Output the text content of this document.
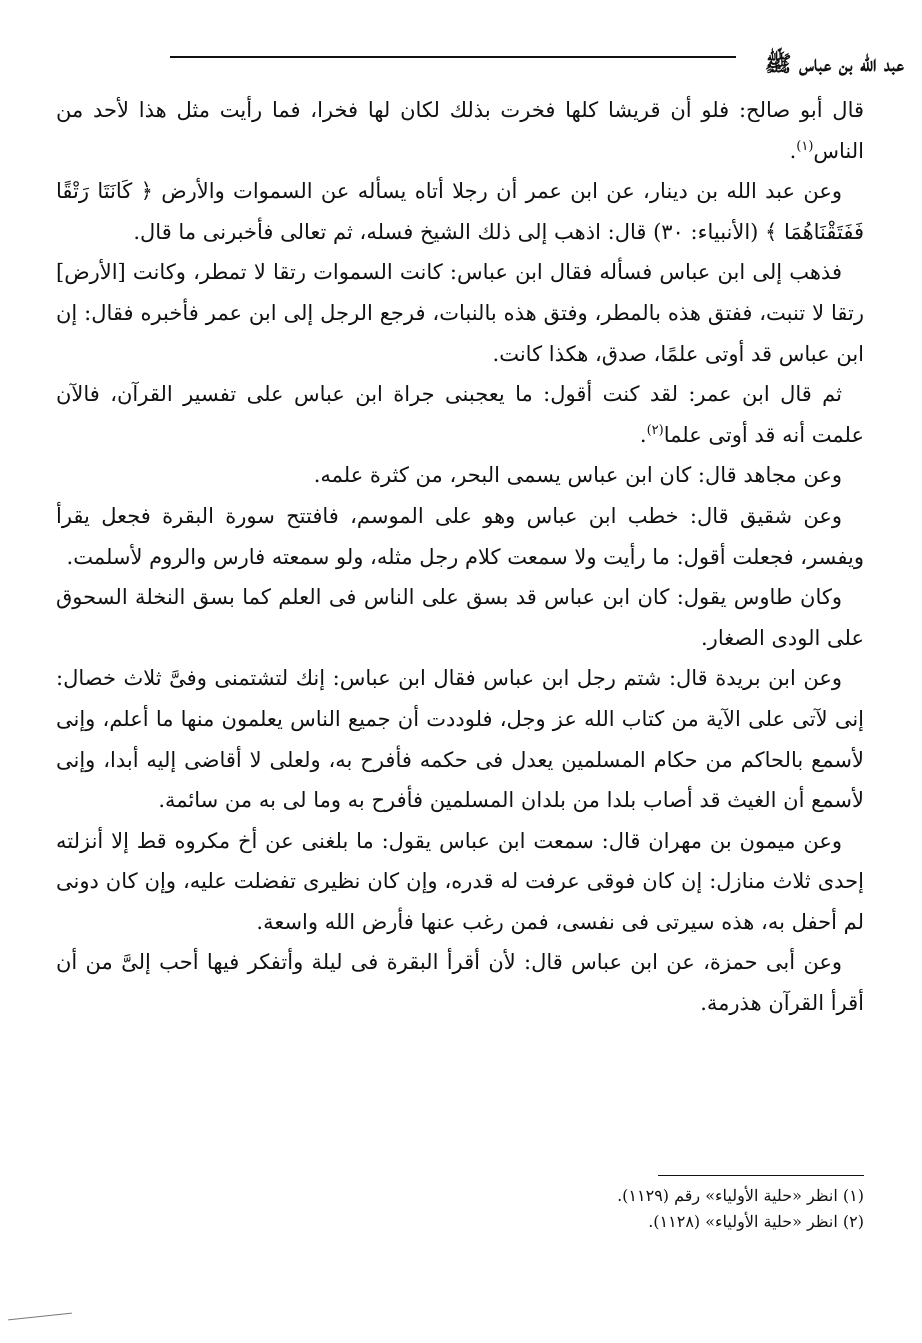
عبد الله بن عباس ﷺ

قال أبو صالح: فلو أن قريشا كلها فخرت بذلك لكان لها فخرا، فما رأيت مثل هذا لأحد من الناس$^{(١)}$.

وعن عبد الله بن دينار، عن ابن عمر أن رجلا أتاه يسأله عن السموات والأرض ﴿ كَانَتَا رَتْقًا فَفَتَقْنَاهُمَا ﴾ (الأنبياء: ٣٠) قال: اذهب إلى ذلك الشيخ فسله، ثم تعالى فأخبرنى ما قال.

فذهب إلى ابن عباس فسأله فقال ابن عباس: كانت السموات رتقا لا تمطر، وكانت [الأرض] رتقا لا تنبت، ففتق هذه بالمطر، وفتق هذه بالنبات، فرجع الرجل إلى ابن عمر فأخبره فقال: إن ابن عباس قد أوتى علمًا، صدق، هكذا كانت.

ثم قال ابن عمر: لقد كنت أقول: ما يعجبنى جراة ابن عباس على تفسير القرآن، فالآن علمت أنه قد أوتى علما$^{(٢)}$.

وعن مجاهد قال: كان ابن عباس يسمى البحر، من كثرة علمه.

وعن شقيق قال: خطب ابن عباس وهو على الموسم، فافتتح سورة البقرة فجعل يقرأ ويفسر، فجعلت أقول: ما رأيت ولا سمعت كلام رجل مثله، ولو سمعته فارس والروم لأسلمت.

وكان طاوس يقول: كان ابن عباس قد بسق على الناس فى العلم كما بسق النخلة السحوق على الودى الصغار.

وعن ابن بريدة قال: شتم رجل ابن عباس فقال ابن عباس: إنك لتشتمنى وفىَّ ثلاث خصال: إنى لآتى على الآية من كتاب الله عز وجل، فلوددت أن جميع الناس يعلمون منها ما أعلم، وإنى لأسمع بالحاكم من حكام المسلمين يعدل فى حكمه فأفرح به، ولعلى لا أقاضى إليه أبدا، وإنى لأسمع أن الغيث قد أصاب بلدا من بلدان المسلمين فأفرح به وما لى به من سائمة.

وعن ميمون بن مهران قال: سمعت ابن عباس يقول: ما بلغنى عن أخ مكروه قط إلا أنزلته إحدى ثلاث منازل: إن كان فوقى عرفت له قدره، وإن كان نظيرى تفضلت عليه، وإن كان دونى لم أحفل به، هذه سيرتى فى نفسى، فمن رغب عنها فأرض الله واسعة.

وعن أبى حمزة، عن ابن عباس قال: لأن أقرأ البقرة فى ليلة وأتفكر فيها أحب إلىَّ من أن أقرأ القرآن هذرمة.

(١) انظر «حلية الأولياء» رقم (١١٢٩).
(٢) انظر «حلية الأولياء» (١١٢٨).
